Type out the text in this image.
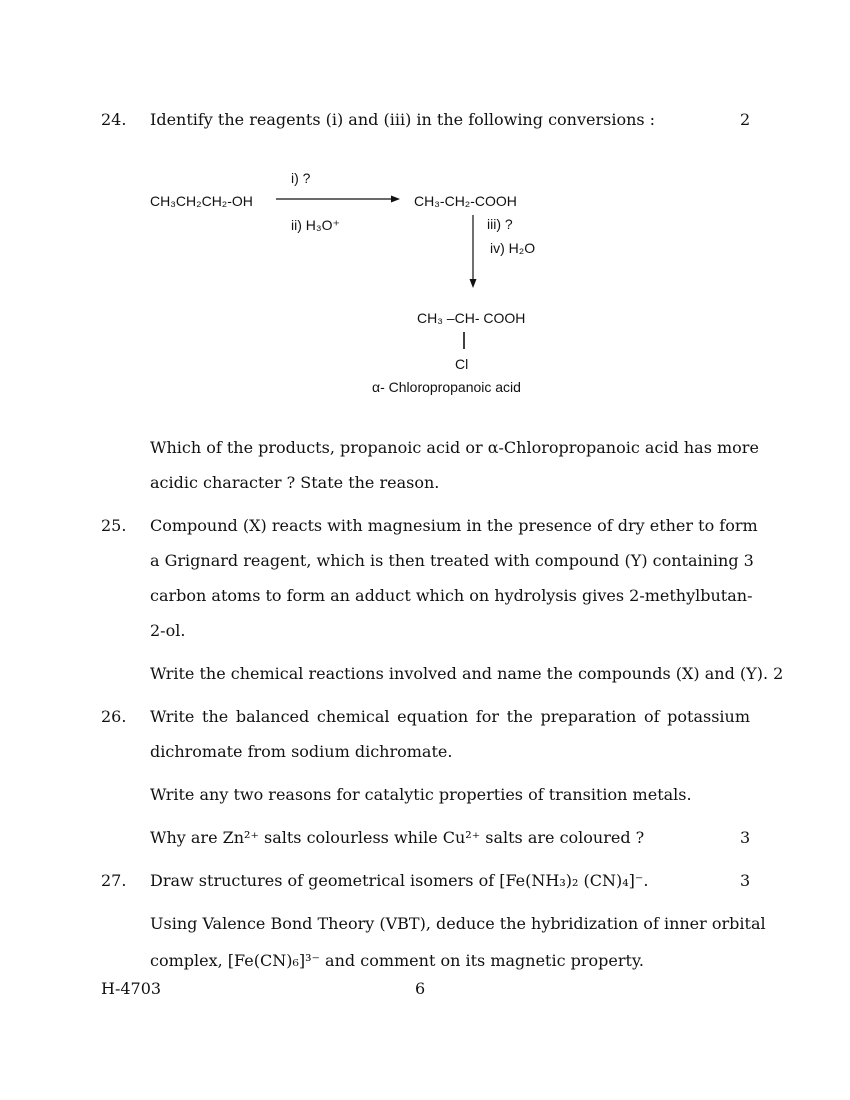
24. Identify the reagents (i) and (iii) in the following conversions :	2
i) ?
CH₃CH₂CH₂-OH
ii) H₃O⁺
CH₃-CH₂-COOH
iii) ?
iv) H₂O
CH₃ –CH- COOH
Cl
α- Chloropropanoic acid
Which of the products, propanoic acid or α-Chloropropanoic acid has more
acidic character ? State the reason.
25. Compound (X) reacts with magnesium in the presence of dry ether to form
a Grignard reagent, which is then treated with compound (Y) containing 3
carbon atoms to form an adduct which on hydrolysis gives 2-methylbutan-
2-ol.
Write the chemical reactions involved and name the compounds (X) and (Y). 2
26. Write the balanced chemical equation for the preparation of potassium
dichromate from sodium dichromate.
Write any two reasons for catalytic properties of transition metals.
Why are Zn²⁺ salts colourless while Cu²⁺ salts are coloured ?	3
27. Draw structures of geometrical isomers of [Fe(NH₃)₂ (CN)₄]⁻.	3
Using Valence Bond Theory (VBT), deduce the hybridization of inner orbital
complex, [Fe(CN)₆]³⁻ and comment on its magnetic property.
H-4703	6
